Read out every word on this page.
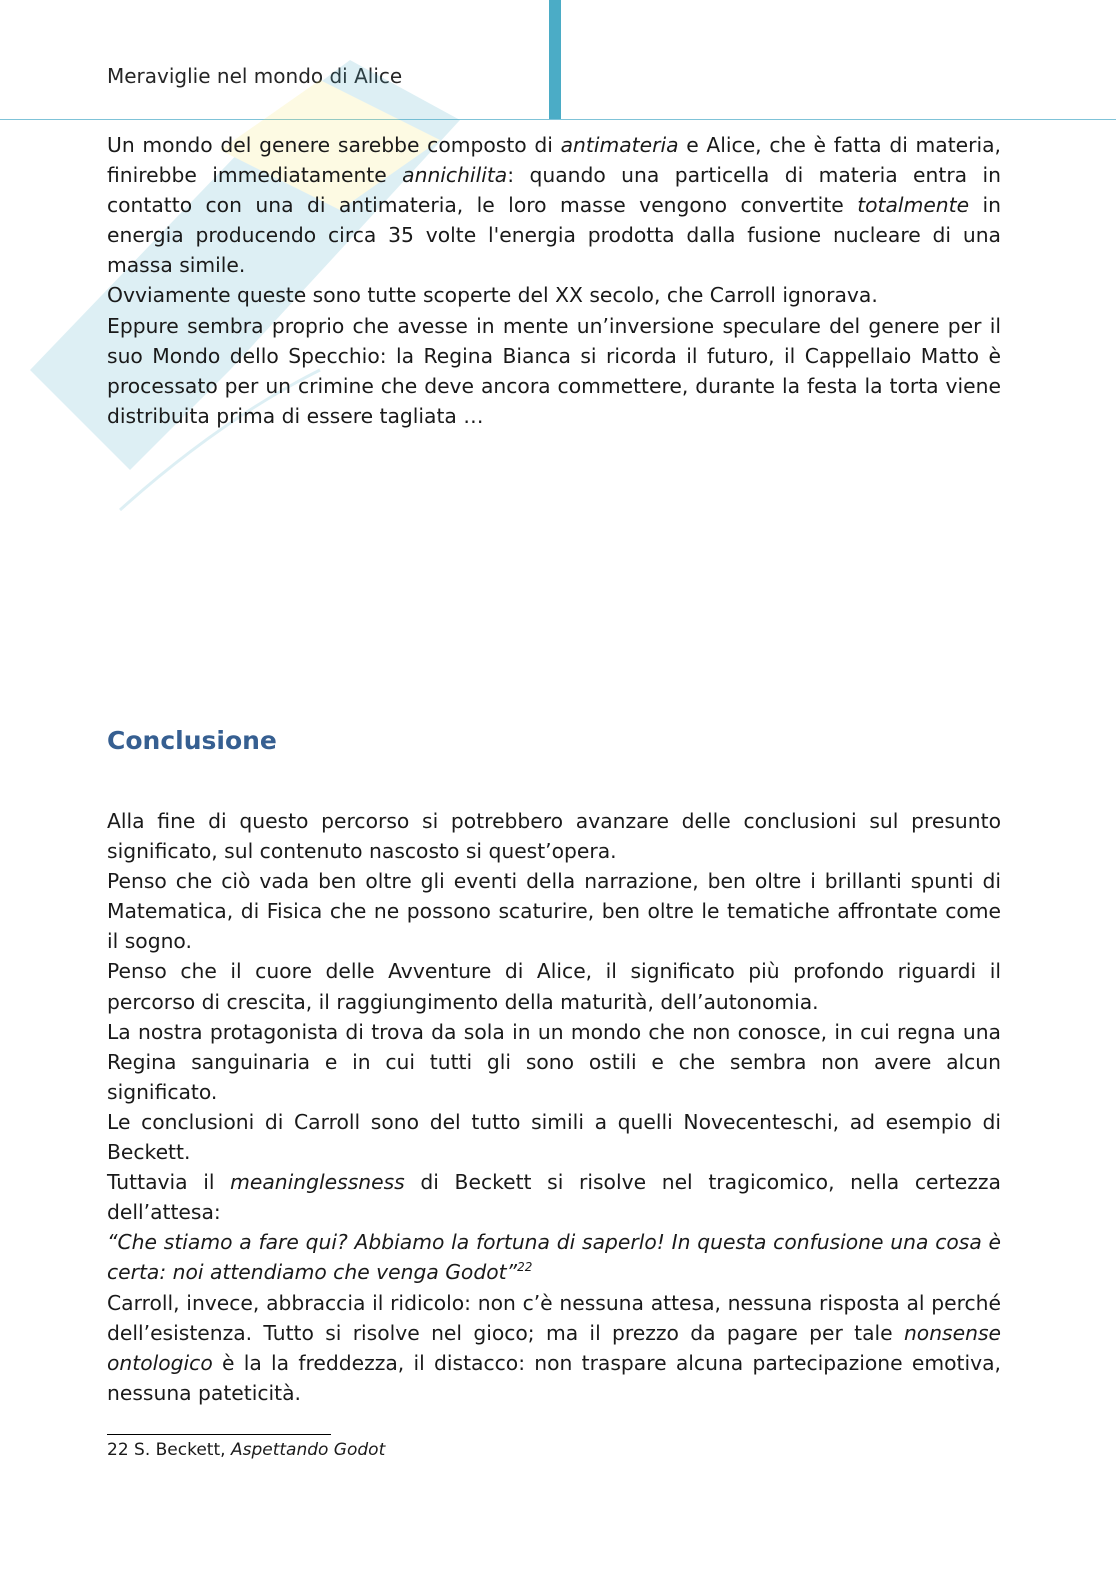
Meraviglie nel mondo di Alice

Un mondo del genere sarebbe composto di antimateria e Alice, che è fatta di materia, finirebbe immediatamente annichilita: quando una particella di materia entra in contatto con una di antimateria, le loro masse vengono convertite totalmente in energia producendo circa 35 volte l'energia prodotta dalla fusione nucleare di una massa simile.

Ovviamente queste sono tutte scoperte del XX secolo, che Carroll ignorava.

Eppure sembra proprio che avesse in mente un’inversione speculare del genere per il suo Mondo dello Specchio: la Regina Bianca si ricorda il futuro, il Cappellaio Matto è processato per un crimine che deve ancora commettere, durante la festa la torta viene distribuita prima di essere tagliata …

Conclusione

Alla fine di questo percorso si potrebbero avanzare delle conclusioni sul presunto significato, sul contenuto nascosto si quest’opera.

Penso che ciò vada ben oltre gli eventi della narrazione, ben oltre i brillanti spunti di Matematica, di Fisica che ne possono scaturire, ben oltre le tematiche affrontate come il sogno.

Penso che il cuore delle Avventure di Alice, il significato più profondo riguardi il percorso di crescita, il raggiungimento della maturità, dell’autonomia.

La nostra protagonista di trova da sola in un mondo che non conosce, in cui regna una Regina sanguinaria e in cui tutti gli sono ostili e che sembra non avere alcun significato.

Le conclusioni di Carroll sono del tutto simili a quelli Novecenteschi, ad esempio di Beckett.

Tuttavia il meaninglessness di Beckett si risolve nel tragicomico, nella certezza dell’attesa:

“Che stiamo a fare qui? Abbiamo la fortuna di saperlo! In questa confusione una cosa è certa: noi attendiamo che venga Godot”$^{22}$

Carroll, invece, abbraccia il ridicolo: non c’è nessuna attesa, nessuna risposta al perché dell’esistenza. Tutto si risolve nel gioco; ma il prezzo da pagare per tale nonsense ontologico è la la freddezza, il distacco: non traspare alcuna partecipazione emotiva, nessuna pateticità.

22 S. Beckett, Aspettando Godot
